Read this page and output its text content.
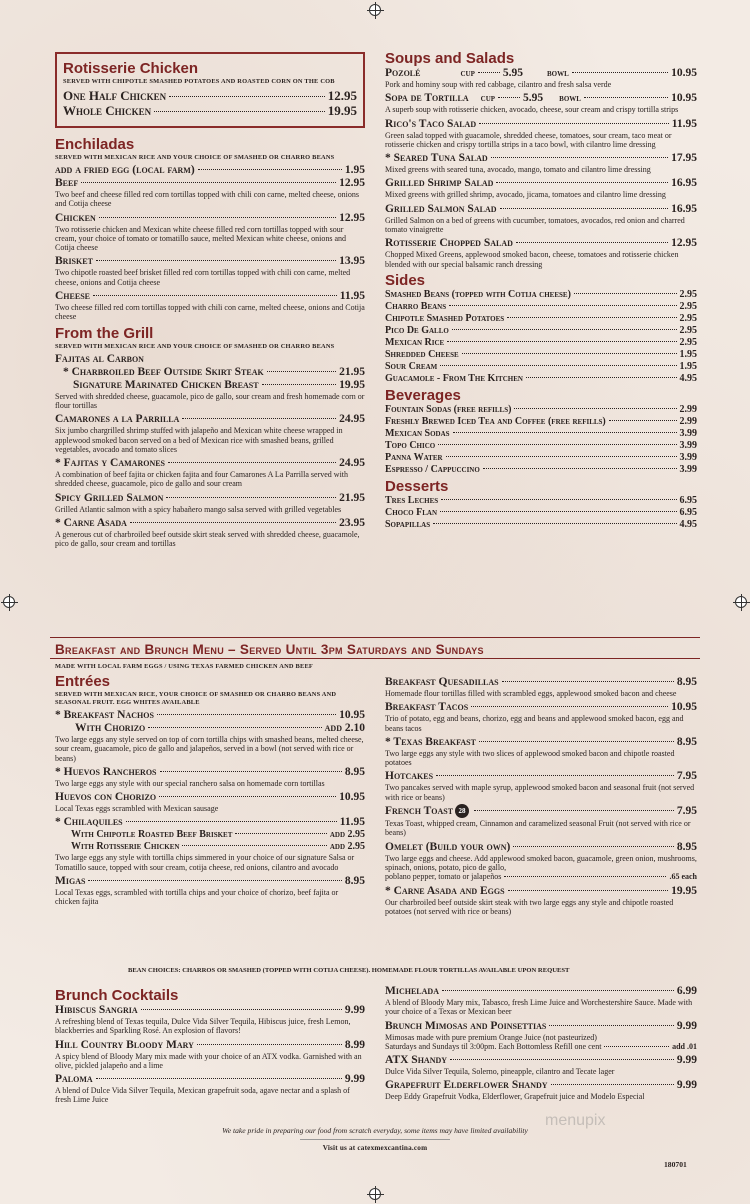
Rotisserie Chicken
SERVED WITH CHIPOTLE SMASHED POTATOES AND ROASTED CORN ON THE COB
One Half Chicken	12.95
Whole Chicken	19.95
Enchiladas
SERVED WITH MEXICAN RICE AND YOUR CHOICE OF SMASHED OR CHARRO BEANS
add a fried egg (local farm)	1.95
Beef	12.95
Two beef and cheese filled red corn tortillas topped with chili con carne, melted cheese, onions and Cotija cheese
Chicken	12.95
Two rotisserie chicken and Mexican white cheese filled red corn tortillas topped with sour cream, your choice of tomato or tomatillo sauce, melted Mexican white cheese, onions and Cotija cheese
Brisket	13.95
Two chipotle roasted beef brisket filled red corn tortillas topped with chili con carne, melted cheese, onions and Cotija cheese
Cheese	11.95
Two cheese filled red corn tortillas topped with chili con carne, melted cheese, onions and Cotija cheese
From the Grill
SERVED WITH MEXICAN RICE AND YOUR CHOICE OF SMASHED OR CHARRO BEANS
Fajitas al Carbon
* Charbroiled Beef Outside Skirt Steak	21.95
Signature Marinated Chicken Breast	19.95
Served with shredded cheese, guacamole, pico de gallo, sour cream and fresh homemade corn or flour tortillas
Camarones a la Parrilla	24.95
Six jumbo chargrilled shrimp stuffed with jalapeño and Mexican white cheese wrapped in applewood smoked bacon served on a bed of Mexican rice with smashed beans, grilled vegetables, avocado and tomato slices
* Fajitas y Camarones	24.95
A combination of beef fajita or chicken fajita and four Camarones A La Parrilla served with shredded cheese, guacamole, pico de gallo and sour cream
Spicy Grilled Salmon	21.95
Grilled Atlantic salmon with a spicy habañero mango salsa served with grilled vegetables
* Carne Asada	23.95
A generous cut of charbroiled beef outside skirt steak served with shredded cheese, guacamole, pico de gallo, sour cream and tortillas
Soups and Salads
Pozolé	cup 5.95 bowl	10.95
Pork and hominy soup with red cabbage, cilantro and fresh salsa verde
Sopa de Tortilla cup 5.95 bowl	10.95
A superb soup with rotisserie chicken, avocado, cheese, sour cream and crispy tortilla strips
Rico's Taco Salad	11.95
Green salad topped with guacamole, shredded cheese, tomatoes, sour cream, taco meat or rotisserie chicken and crispy tortilla strips in a taco bowl, with cilantro lime dressing
* Seared Tuna Salad	17.95
Mixed greens with seared tuna, avocado, mango, tomato and cilantro lime dressing
Grilled Shrimp Salad	16.95
Mixed greens with grilled shrimp, avocado, jicama, tomatoes and cilantro lime dressing
Grilled Salmon Salad	16.95
Grilled Salmon on a bed of greens with cucumber, tomatoes, avocados, red onion and charred tomato vinaigrette
Rotisserie Chopped Salad	12.95
Chopped Mixed Greens, applewood smoked bacon, cheese, tomatoes and rotisserie chicken blended with our special balsamic ranch dressing
Sides
Smashed Beans (topped with Cotija cheese)	2.95
Charro Beans	2.95
Chipotle Smashed Potatoes	2.95
Pico De Gallo	2.95
Mexican Rice	2.95
Shredded Cheese	1.95
Sour Cream	1.95
Guacamole - From The Kitchen	4.95
Beverages
Fountain Sodas (free refills)	2.99
Freshly Brewed Iced Tea and Coffee (free refills)	2.99
Mexican Sodas	3.99
Topo Chico	3.99
Panna Water	3.99
Espresso / Cappuccino	3.99
Desserts
Tres Leches	6.95
Choco Flan	6.95
Sopapillas	4.95
Breakfast and Brunch Menu – Served Until 3pm Saturdays and Sundays
MADE WITH LOCAL FARM EGGS / USING TEXAS FARMED CHICKEN AND BEEF
Entrées
SERVED WITH MEXICAN RICE, YOUR CHOICE OF SMASHED OR CHARRO BEANS AND SEASONAL FRUIT. EGG WHITES AVAILABLE
* Breakfast Nachos	10.95
With Chorizo	add 2.10
Two large eggs any style served on top of corn tortilla chips with smashed beans, melted cheese, sour cream, guacamole, pico de gallo and jalapeños, served in a bowl (not served with rice or beans)
* Huevos Rancheros	8.95
Two large eggs any style with our special ranchero salsa on homemade corn tortillas
Huevos con Chorizo	10.95
Local Texas eggs scrambled with Mexican sausage
* Chilaquiles	11.95
With Chipotle Roasted Beef Brisket	add 2.95
With Rotisserie Chicken	add 2.95
Two large eggs any style with tortilla chips simmered in your choice of our signature Salsa or Tomatillo sauce, topped with sour cream, cotija cheese, red onions, cilantro and avocado
Migas	8.95
Local Texas eggs, scrambled with tortilla chips and your choice of chorizo, beef fajita or chicken fajita
Breakfast Quesadillas	8.95
Homemade flour tortillas filled with scrambled eggs, applewood smoked bacon and cheese
Breakfast Tacos	10.95
Trio of potato, egg and beans, chorizo, egg and beans and applewood smoked bacon, egg and beans tacos
* Texas Breakfast	8.95
Two large eggs any style with two slices of applewood smoked bacon and chipotle roasted potatoes
Hotcakes	7.95
Two pancakes served with maple syrup, applewood smoked bacon and seasonal fruit (not served with rice or beans)
French Toast 28	7.95
Texas Toast, whipped cream, Cinnamon and caramelized seasonal Fruit (not served with rice or beans)
Omelet (Build your own)	8.95
Two large eggs and cheese. Add applewood smoked bacon, guacamole, green onion, mushrooms, spinach, onions, potato, pico de gallo,
poblano pepper, tomato or jalapeños	.65 each
* Carne Asada and Eggs	19.95
Our charbroiled beef outside skirt steak with two large eggs any style and chipotle roasted potatoes (not served with rice or beans)
BEAN CHOICES: CHARROS OR SMASHED (TOPPED WITH COTIJA CHEESE). HOMEMADE FLOUR TORTILLAS AVAILABLE UPON REQUEST
Brunch Cocktails
Hibiscus Sangria	9.99
A refreshing blend of Texas tequila, Dulce Vida Silver Tequila, Hibiscus juice, fresh Lemon, blackberries and Sparkling Rosé. An explosion of flavors!
Hill Country Bloody Mary	8.99
A spicy blend of Bloody Mary mix made with your choice of an ATX vodka. Garnished with an olive, pickled jalapeño and a lime
Paloma	9.99
A blend of Dulce Vida Silver Tequila, Mexican grapefruit soda, agave nectar and a splash of fresh Lime Juice
Michelada	6.99
A blend of Bloody Mary mix, Tabasco, fresh Lime Juice and Worchestershire Sauce. Made with your choice of a Texas or Mexican beer
Brunch Mimosas and Poinsettias	9.99
Mimosas made with pure premium Orange Juice (not pasteurized)
Saturdays and Sundays til 3:00pm. Each Bottomless Refill one cent	add .01
ATX Shandy	9.99
Dulce Vida Silver Tequila, Solerno, pineapple, cilantro and Tecate lager
Grapefruit Elderflower Shandy	9.99
Deep Eddy Grapefruit Vodka, Elderflower, Grapefruit juice and Modelo Especial
menupix
We take pride in preparing our food from scratch everyday, some items may have limited availability
Visit us at catexmexcantina.com
180701
